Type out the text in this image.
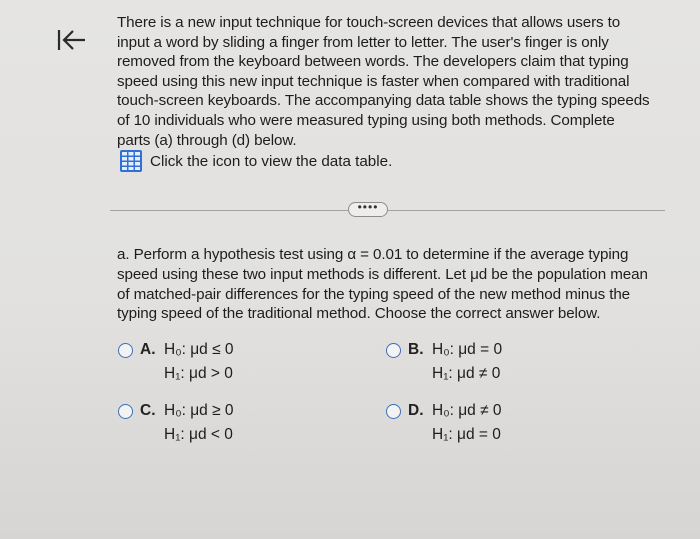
There is a new input technique for touch-screen devices that allows users to

input a word by sliding a finger from letter to letter. The user's finger is only

removed from the keyboard between words. The developers claim that typing

speed using this new input technique is faster when compared with traditional

touch-screen keyboards. The accompanying data table shows the typing speeds

of 10 individuals who were measured typing using both methods. Complete

parts (a) through (d) below.

Click the icon to view the data table.
••••

a. Perform a hypothesis test using α = 0.01 to determine if the average typing

speed using these two input methods is different. Let μd be the population mean

of matched-pair differences for the typing speed of the new method minus the

typing speed of the traditional method. Choose the correct answer below.

A. H₀: μd ≤ 0
H₁: μd > 0
B. H₀: μd = 0
H₁: μd ≠ 0
C. H₀: μd ≥ 0
H₁: μd < 0
D. H₀: μd ≠ 0
H₁: μd = 0
